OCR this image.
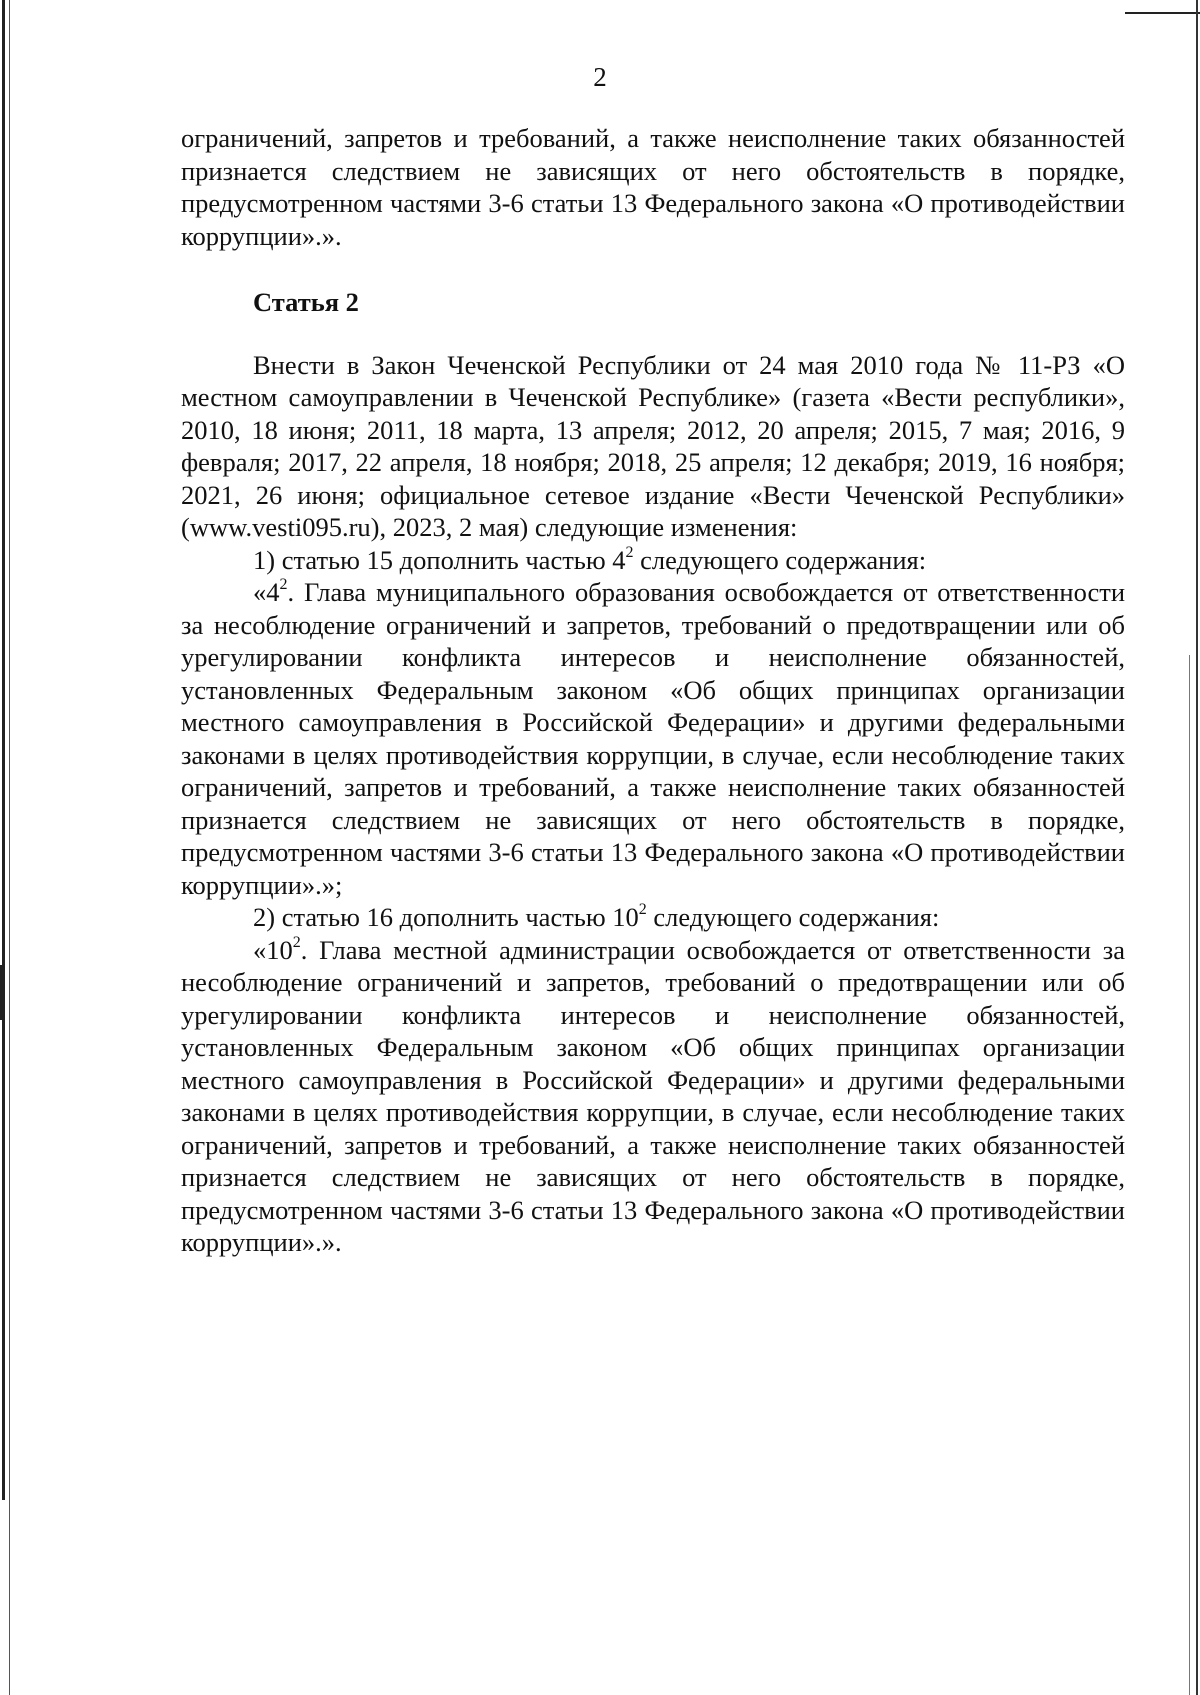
2

ограничений, запретов и требований, а также неисполнение таких обязанностей признается следствием не зависящих от него обстоятельств в порядке, предусмотренном частями 3-6 статьи 13 Федерального закона «О противодействии коррупции».».

Статья 2

Внести в Закон Чеченской Республики от 24 мая 2010 года № 11-РЗ «О местном самоуправлении в Чеченской Республике» (газета «Вести республики», 2010, 18 июня; 2011, 18 марта, 13 апреля; 2012, 20 апреля; 2015, 7 мая; 2016, 9 февраля; 2017, 22 апреля, 18 ноября; 2018, 25 апреля; 12 декабря; 2019, 16 ноября; 2021, 26 июня; официальное сетевое издание «Вести Чеченской Республики» (www.vesti095.ru), 2023, 2 мая) следующие изменения:

1) статью 15 дополнить частью $4^2$ следующего содержания:

«$4^2$. Глава муниципального образования освобождается от ответственности за несоблюдение ограничений и запретов, требований о предотвращении или об урегулировании конфликта интересов и неисполнение обязанностей, установленных Федеральным законом «Об общих принципах организации местного самоуправления в Российской Федерации» и другими федеральными законами в целях противодействия коррупции, в случае, если несоблюдение таких ограничений, запретов и требований, а также неисполнение таких обязанностей признается следствием не зависящих от него обстоятельств в порядке, предусмотренном частями 3-6 статьи 13 Федерального закона «О противодействии коррупции».»;

2) статью 16 дополнить частью $10^2$ следующего содержания:

«$10^2$. Глава местной администрации освобождается от ответственности за несоблюдение ограничений и запретов, требований о предотвращении или об урегулировании конфликта интересов и неисполнение обязанностей, установленных Федеральным законом «Об общих принципах организации местного самоуправления в Российской Федерации» и другими федеральными законами в целях противодействия коррупции, в случае, если несоблюдение таких ограничений, запретов и требований, а также неисполнение таких обязанностей признается следствием не зависящих от него обстоятельств в порядке, предусмотренном частями 3-6 статьи 13 Федерального закона «О противодействии коррупции».».
